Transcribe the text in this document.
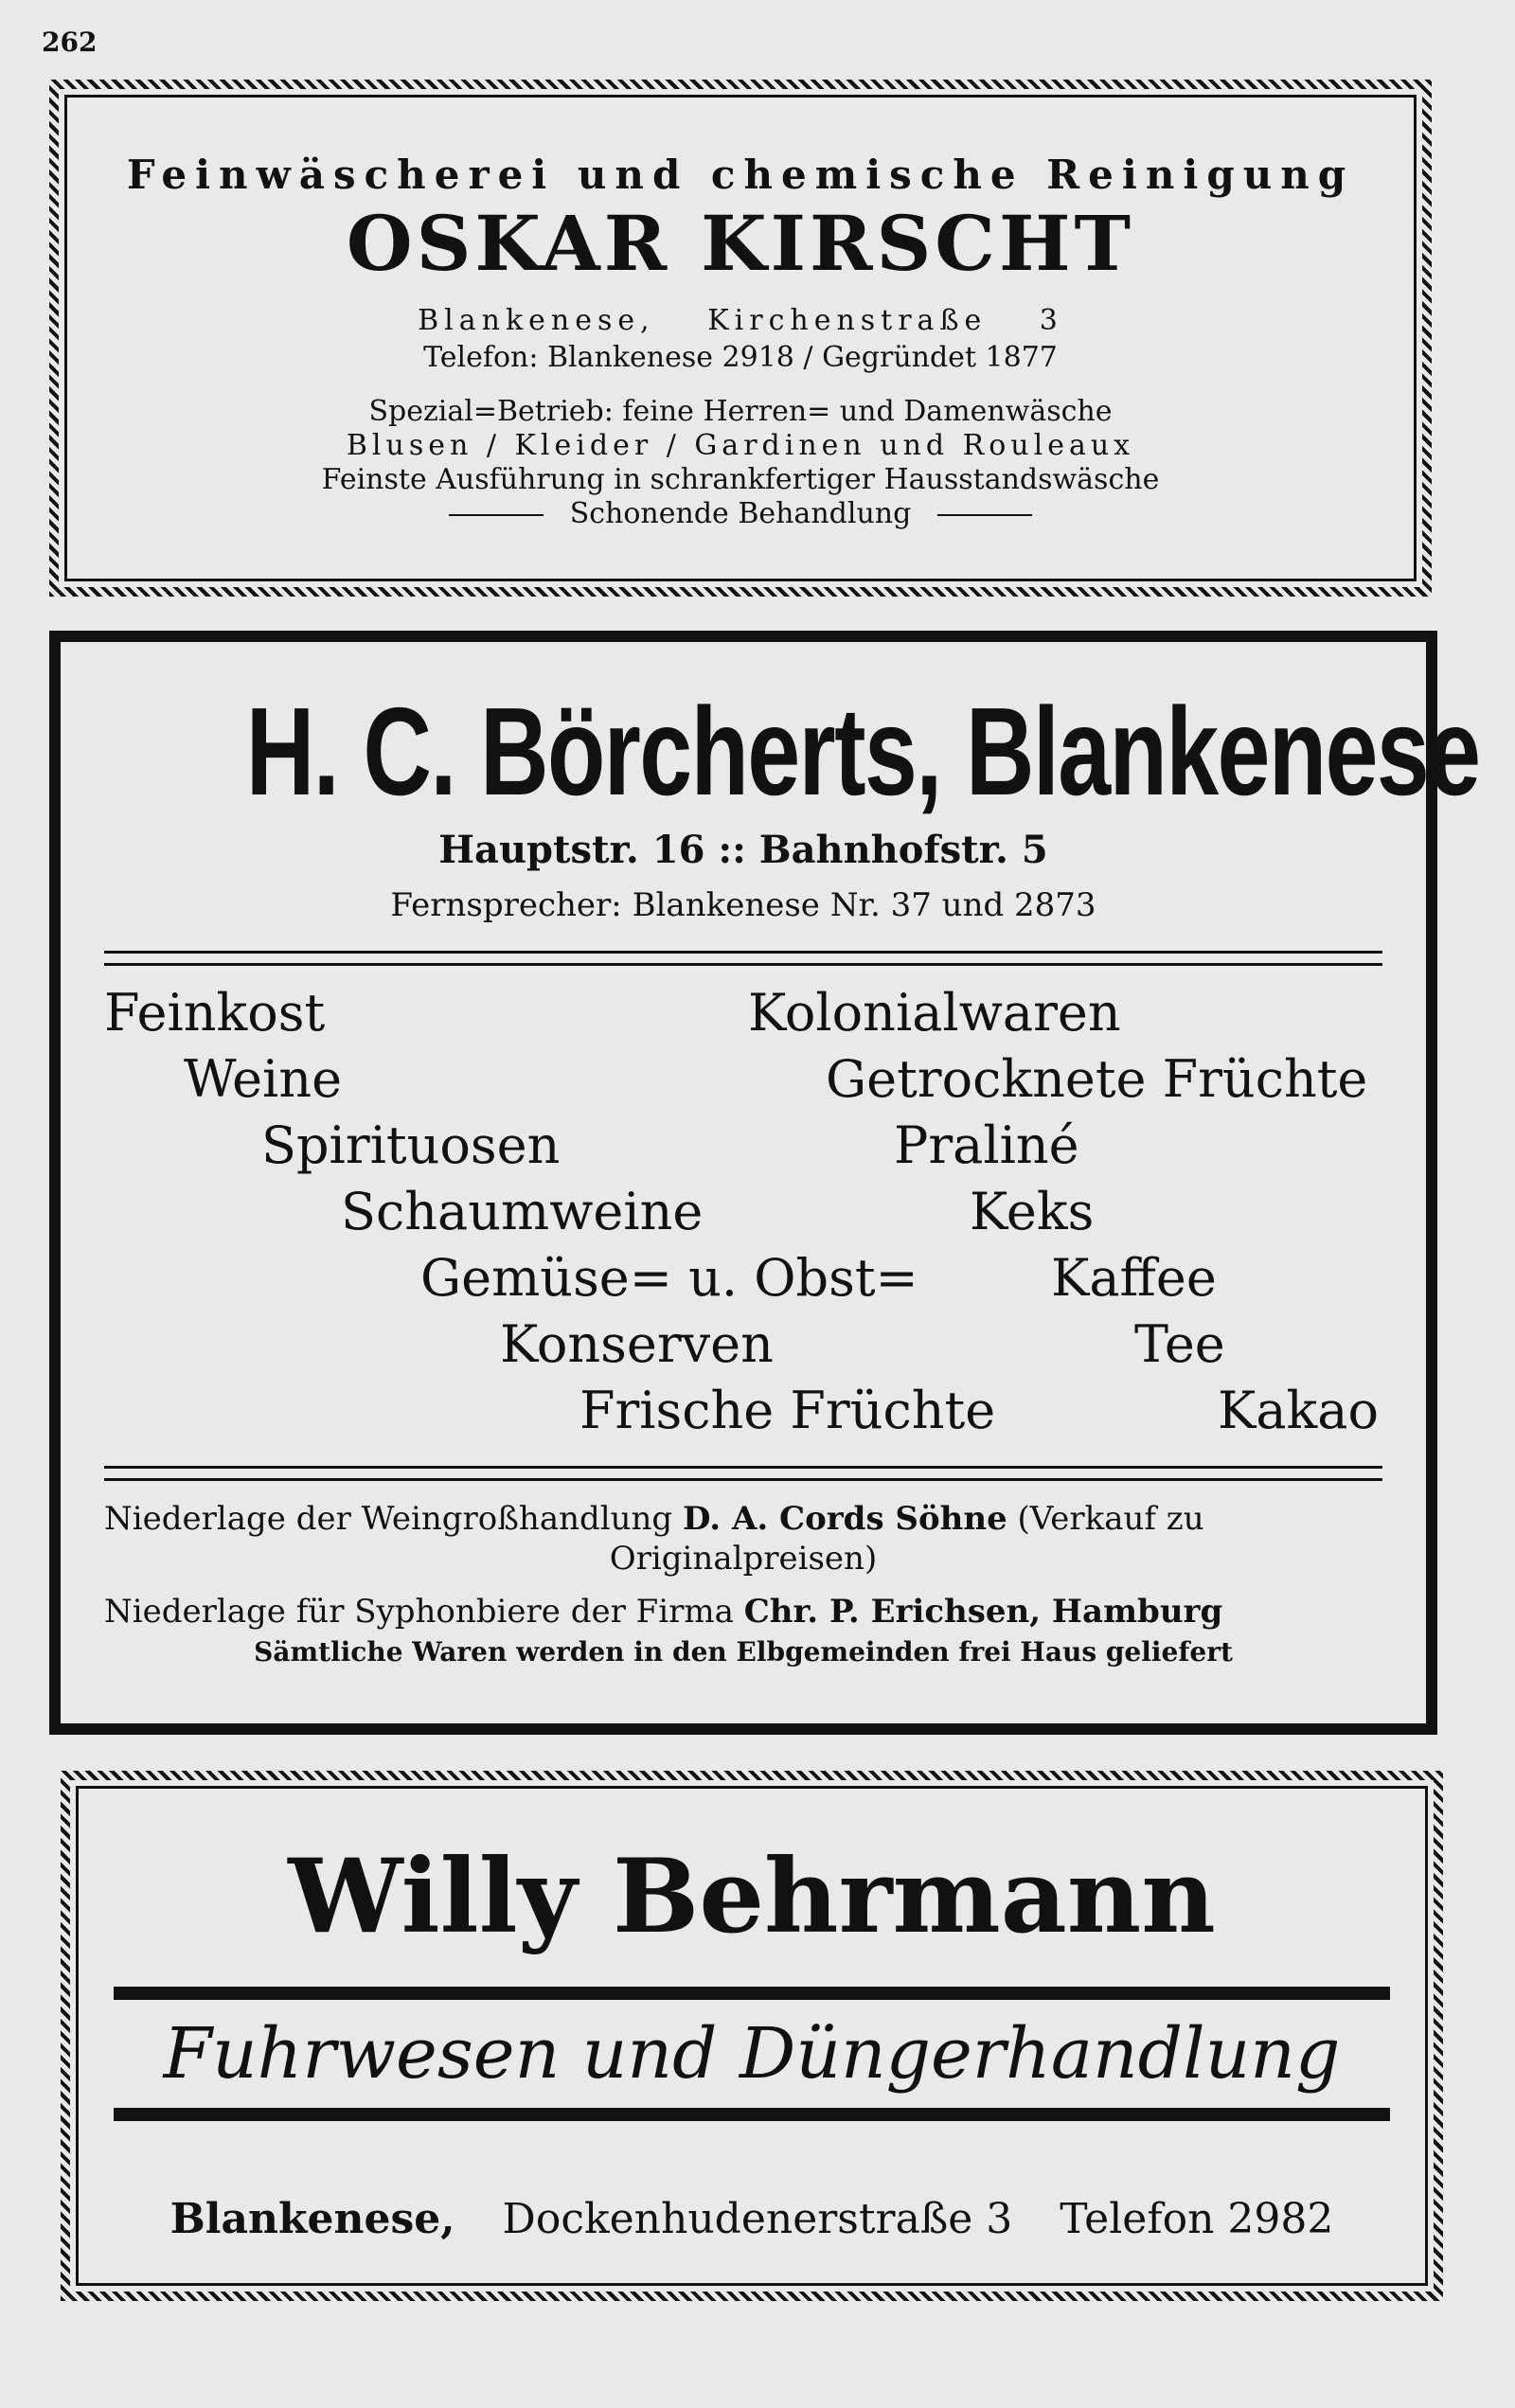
262
Feinwäscherei und chemische Reinigung
OSKAR KIRSCHT
Blankenese, Kirchenstraße 3
Telefon: Blankenese 2918 / Gegründet 1877
Spezial=Betrieb: feine Herren= und Damenwäsche
Blusen / Kleider / Gardinen und Rouleaux
Feinste Ausführung in schrankfertiger Hausstandswäsche
Schonende Behandlung
H. C. Börcherts, Blankenese
Hauptstr. 16 :: Bahnhofstr. 5
Fernsprecher: Blankenese Nr. 37 und 2873
Feinkost
Weine
Spirituosen
Schaumweine
Gemüse= u. Obst=
Konserven
Frische Früchte
Kolonialwaren
Getrocknete Früchte
Praliné
Keks
Kaffee
Tee
Kakao
Niederlage der Weingroßhandlung D. A. Cords Söhne (Verkauf zu
Originalpreisen)
Niederlage für Syphonbiere der Firma Chr. P. Erichsen, Hamburg
Sämtliche Waren werden in den Elbgemeinden frei Haus geliefert
Willy Behrmann
Fuhrwesen und Düngerhandlung
Blankenese, Dockenhudenerstraße 3 Telefon 2982
